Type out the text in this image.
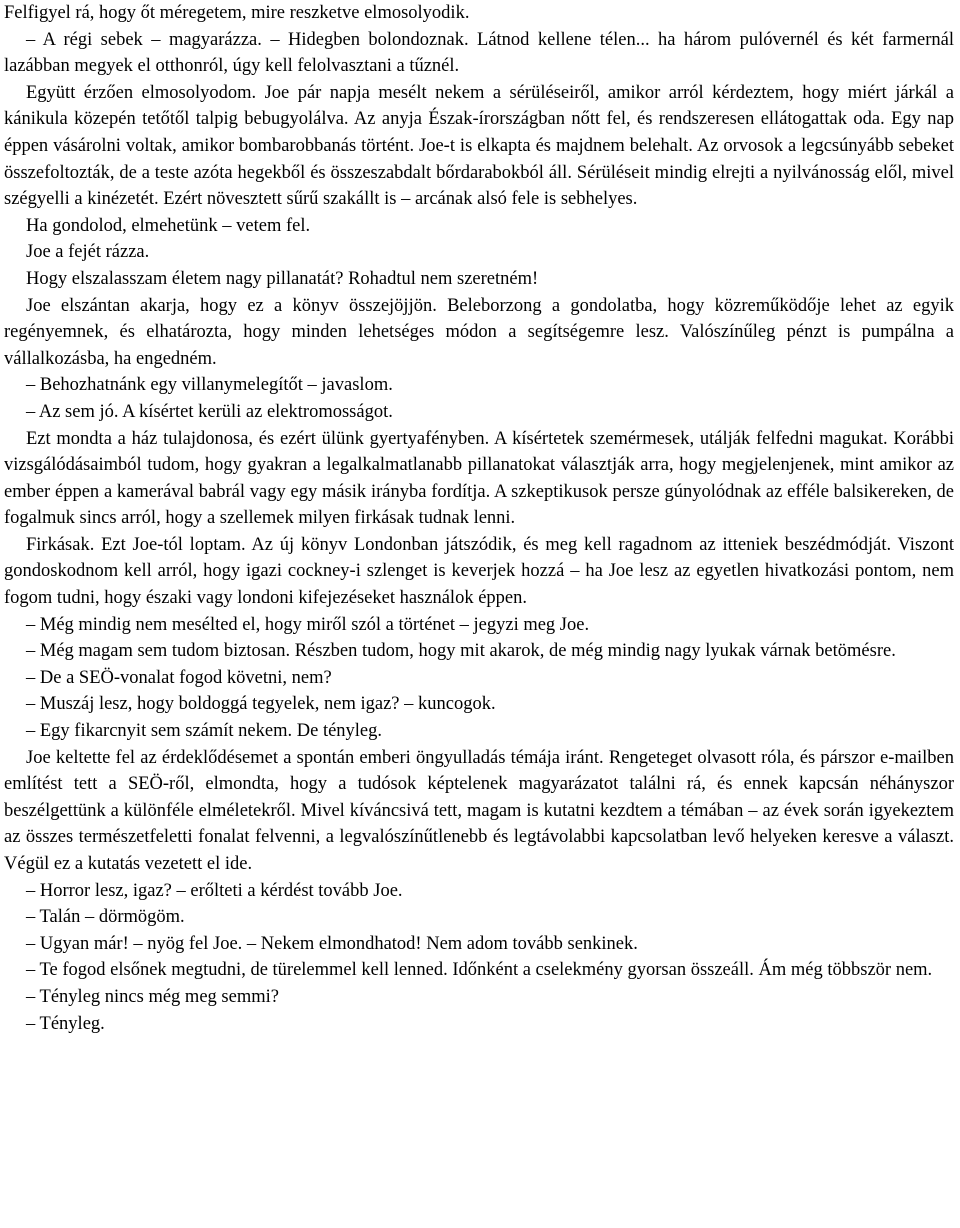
Felfigyel rá, hogy őt méregetem, mire reszketve elmosolyodik.

– A régi sebek – magyarázza. – Hidegben bolondoznak. Látnod kellene télen... ha három pulóvernél és két farmernál lazábban megyek el otthonról, úgy kell felolvasztani a tűznél.

Együtt érzően elmosolyodom. Joe pár napja mesélt nekem a sérüléseiről, amikor arról kérdeztem, hogy miért járkál a kánikula közepén tetőtől talpig bebugyolálva. Az anyja Észak-írországban nőtt fel, és rendszeresen ellátogattak oda. Egy nap éppen vásárolni voltak, amikor bombarobbanás történt. Joe-t is elkapta és majdnem belehalt. Az orvosok a legcsúnyább sebeket összefoltozták, de a teste azóta hegekből és összeszabdalt bőrdarabokból áll. Sérüléseit mindig elrejti a nyilvánosság elől, mivel szégyelli a kinézetét. Ezért növesztett sűrű szakállt is – arcának alsó fele is sebhelyes.

Ha gondolod, elmehetünk – vetem fel.

Joe a fejét rázza.

Hogy elszalasszam életem nagy pillanatát? Rohadtul nem szeretném!

Joe elszántan akarja, hogy ez a könyv összejöjjön. Beleborzong a gondolatba, hogy közreműködője lehet az egyik regényemnek, és elhatározta, hogy minden lehetséges módon a segítségemre lesz. Valószínűleg pénzt is pumpálna a vállalkozásba, ha engedném.

– Behozhatnánk egy villanymelegítőt – javaslom.

– Az sem jó. A kísértet kerüli az elektromosságot.

Ezt mondta a ház tulajdonosa, és ezért ülünk gyertyafényben. A kísértetek szemérmesek, utálják felfedni magukat. Korábbi vizsgálódásaimból tudom, hogy gyakran a legalkalmatlanabb pillanatokat választják arra, hogy megjelenjenek, mint amikor az ember éppen a kamerával babrál vagy egy másik irányba fordítja. A szkeptikusok persze gúnyolódnak az efféle balsikereken, de fogalmuk sincs arról, hogy a szellemek milyen firkásak tudnak lenni.

Firkásak. Ezt Joe-tól loptam. Az új könyv Londonban játszódik, és meg kell ragadnom az itteniek beszédmódját. Viszont gondoskodnom kell arról, hogy igazi cockney-i szlenget is keverjek hozzá – ha Joe lesz az egyetlen hivatkozási pontom, nem fogom tudni, hogy északi vagy londoni kifejezéseket használok éppen.

– Még mindig nem mesélted el, hogy miről szól a történet – jegyzi meg Joe.

– Még magam sem tudom biztosan. Részben tudom, hogy mit akarok, de még mindig nagy lyukak várnak betömésre.

– De a SEÖ-vonalat fogod követni, nem?

– Muszáj lesz, hogy boldoggá tegyelek, nem igaz? – kuncogok.

– Egy fikarcnyit sem számít nekem. De tényleg.

Joe keltette fel az érdeklődésemet a spontán emberi öngyulladás témája iránt. Rengeteget olvasott róla, és párszor e-mailben említést tett a SEÖ-ről, elmondta, hogy a tudósok képtelenek magyarázatot találni rá, és ennek kapcsán néhányszor beszélgettünk a különféle elméletekről. Mivel kíváncsivá tett, magam is kutatni kezdtem a témában – az évek során igyekeztem az összes természetfeletti fonalat felvenni, a legvalószínűtlenebb és legtávolabbi kapcsolatban levő helyeken keresve a választ. Végül ez a kutatás vezetett el ide.

– Horror lesz, igaz? – erőlteti a kérdést tovább Joe.

– Talán – dörmögöm.

– Ugyan már! – nyög fel Joe. – Nekem elmondhatod! Nem adom tovább senkinek.

– Te fogod elsőnek megtudni, de türelemmel kell lenned. Időnként a cselekmény gyorsan összeáll. Ám még többször nem.

– Tényleg nincs még meg semmi?

– Tényleg.
